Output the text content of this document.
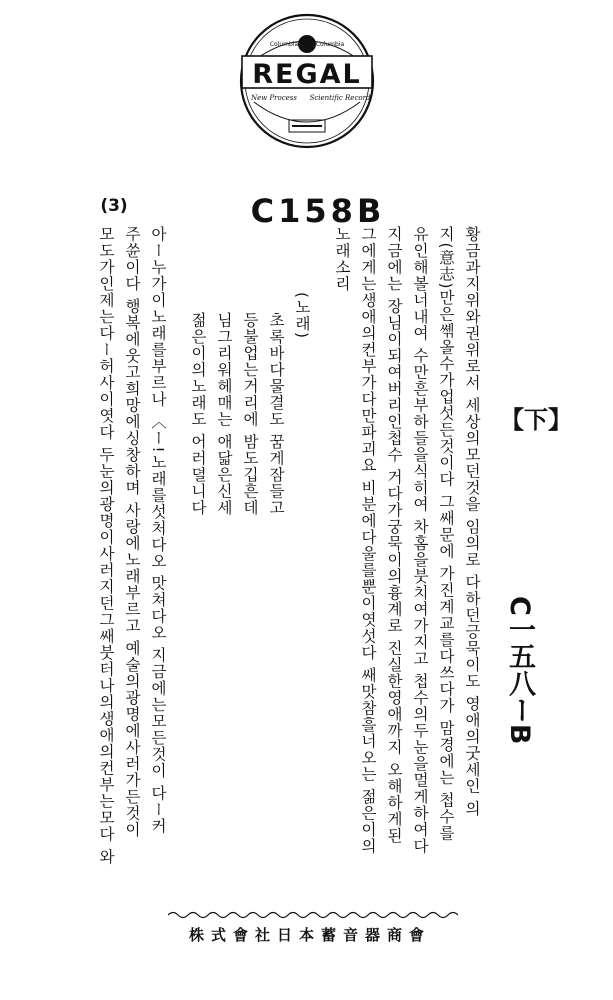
REGAL
Columbia	Columbia
New Process Scientific Record
C158B
(3)
【下】
C一五八ーB

황금과지위와권위로서 세상의모던것을 임의로 다하던긍묵이도 영애의굿세인 의

지(意志)만은쎾올수가업섯든것이다 그쌔문에 가진계교를다쓰다가 맘경에는 첩수를

유인해볼너내여 수만흔부하들을식히여 차홈을붓치여가지고 첩수의두눈을멀게하여다

지금에는 장님이되여버리인첩수 거다가궁묵이의흉계로 진실한영애까지 오해하게된

그에게는생애의컨부가다만파괴요 비분에다울를뿐이엿섯다 쌔맛참흘너오는 젊은이의

노래소리

(노래)

초록바다물결도 꿈게잠들고

등불업는거리에 밤도깁흔데

님그리워헤매는 애닯은신세

젊은이의노래도 어러뎔니다

아ー누가이노래를부르나 〈ー!노래를섯처다오 맛쳐다오 지금에는모든것이 다ー커

주쓘이다 행복에웃고희망에싱창하며 사랑에노래부르고 예술의광명에사러가든것이

모도가인제는다ー허사이엿다 두눈의광명이사러지던그쌔붓터나의생애의컨부는모다 와

株式會社日本蓄音器商會
